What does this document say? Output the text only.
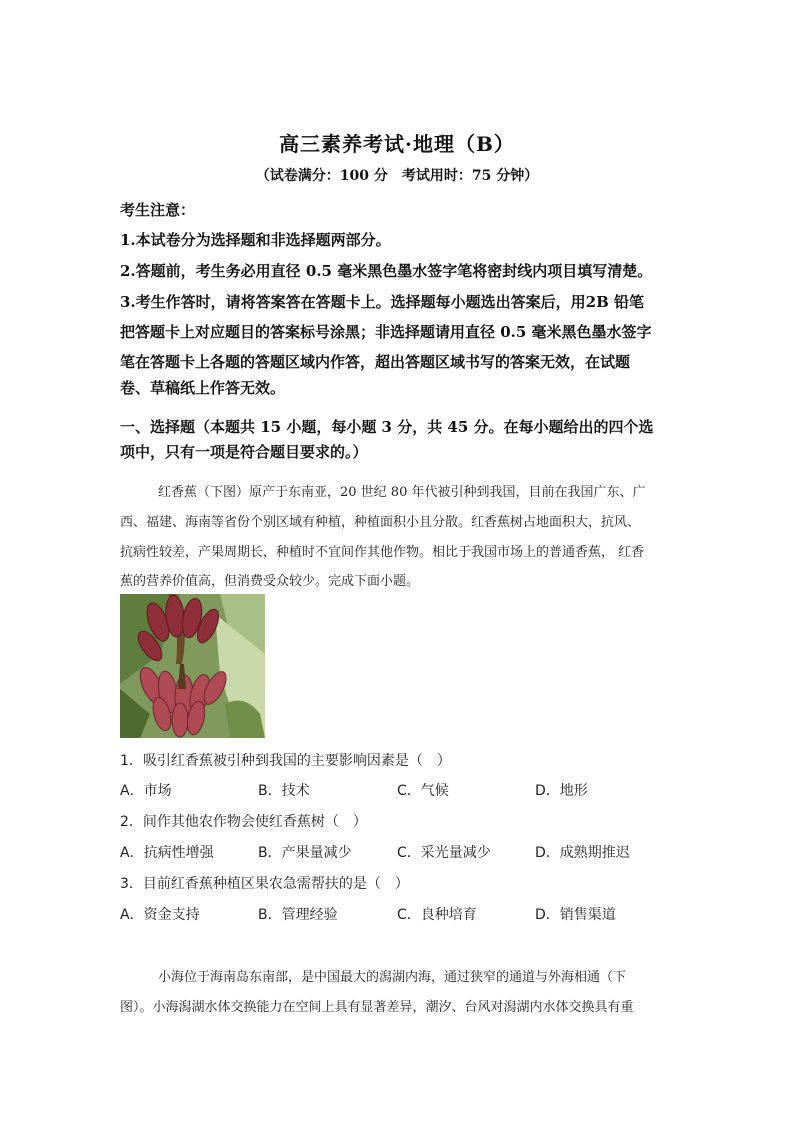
高三素养考试·地理（B）
（试卷满分：100 分　考试用时：75 分钟）
考生注意：
1.本试卷分为选择题和非选择题两部分。
2.答题前，考生务必用直径 0.5 毫米黑色墨水签字笔将密封线内项目填写清楚。
3.考生作答时，请将答案答在答题卡上。选择题每小题选出答案后，用2B 铅笔
把答题卡上对应题目的答案标号涂黑；非选择题请用直径 0.5 毫米黑色墨水签字
笔在答题卡上各题的答题区域内作答，超出答题区域书写的答案无效，在试题
卷、草稿纸上作答无效。
一、选择题（本题共 15 小题，每小题 3 分，共 45 分。在每小题给出的四个选
项中，只有一项是符合题目要求的。）
红香蕉（下图）原产于东南亚，20 世纪 80 年代被引种到我国，目前在我国广东、广
西、福建、海南等省份个别区域有种植，种植面积小且分散。红香蕉树占地面积大，抗风、
抗病性较差，产果周期长，种植时不宜间作其他作物。相比于我国市场上的普通香蕉， 红香
蕉的营养价值高，但消费受众较少。完成下面小题。
1．吸引红香蕉被引种到我国的主要影响因素是（　）
A．市场	B．技术	C．气候	D．地形
2．间作其他农作物会使红香蕉树（　）
A．抗病性增强	B．产果量减少	C．采光量减少	D．成熟期推迟
3．目前红香蕉种植区果农急需帮扶的是（　）
A．资金支持	B．管理经验	C．良种培育	D．销售渠道
小海位于海南岛东南部，是中国最大的潟湖内海，通过狭窄的通道与外海相通（下
图）。小海潟湖水体交换能力在空间上具有显著差异，潮汐、台风对潟湖内水体交换具有重
